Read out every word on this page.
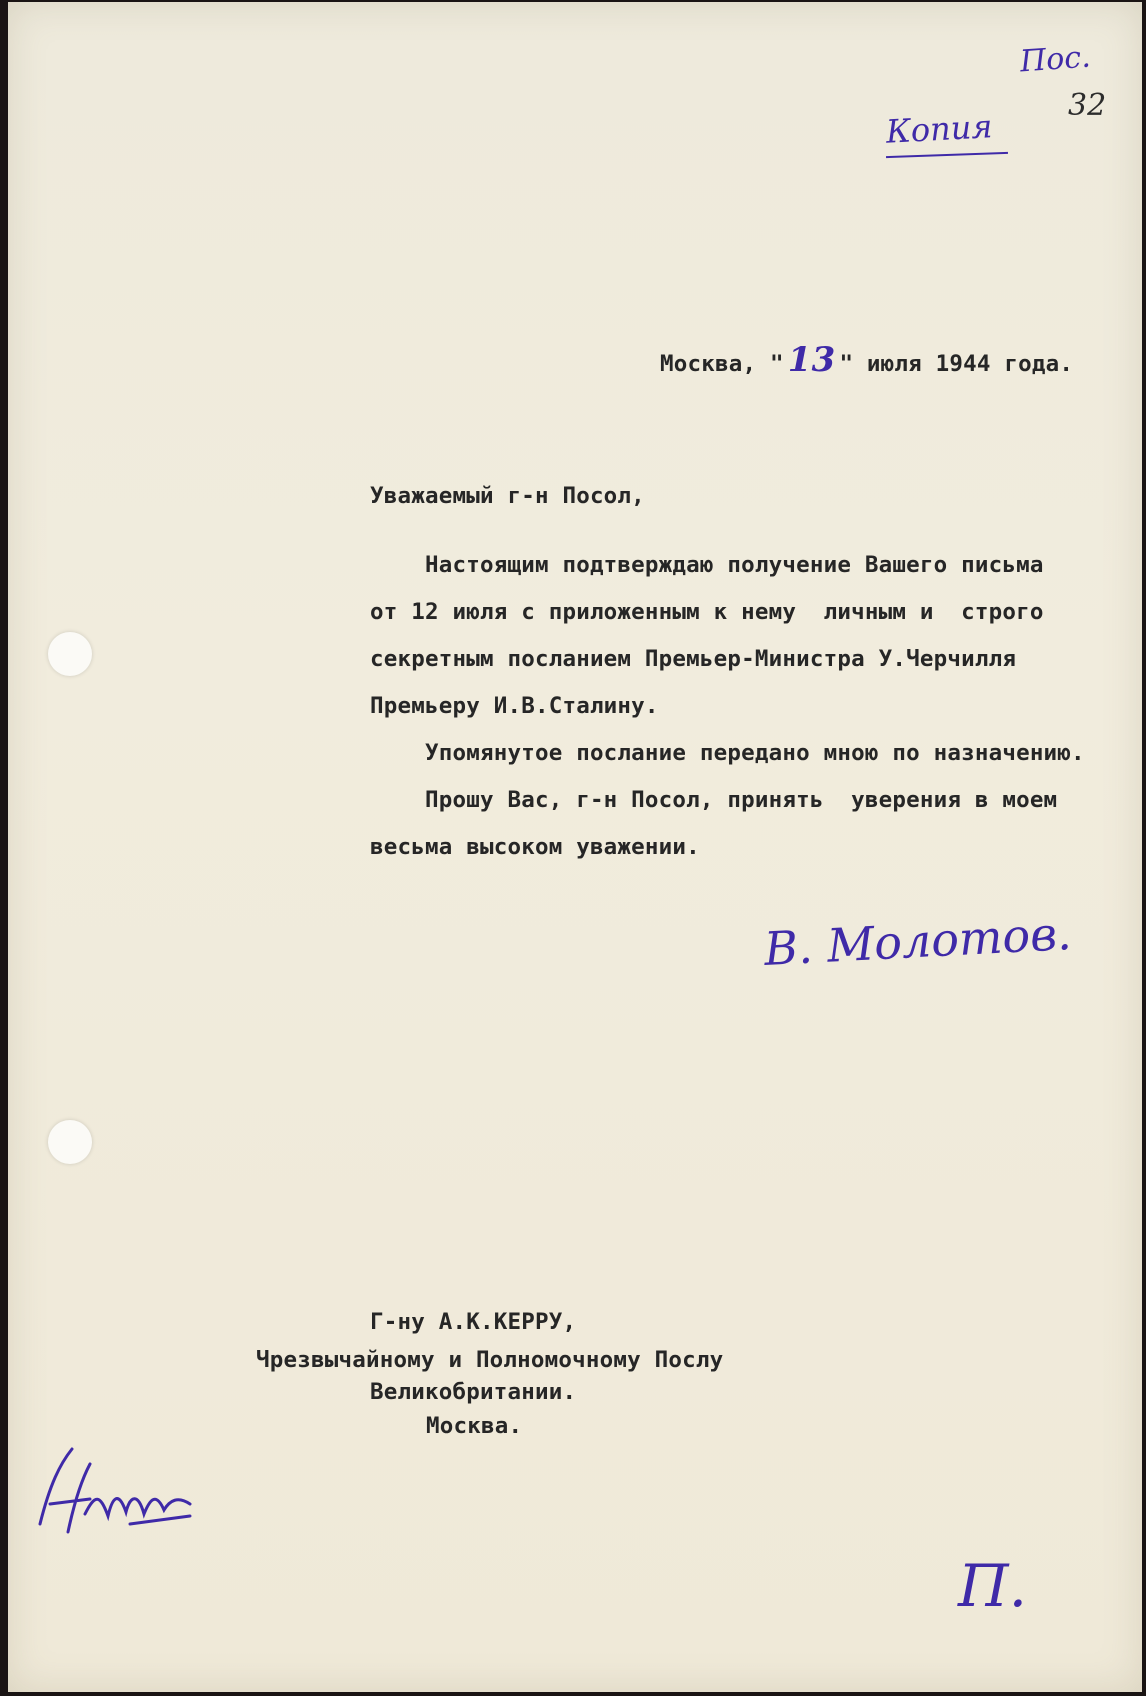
Пос.
32
Копия

Москва, " 13 " июля 1944 года.

Уважаемый г-н Посол,

Настоящим подтверждаю получение Вашего письма
от 12 июля с приложенным к нему  личным и  строго
секретным посланием Премьер-Министра У.Черчилля
Премьеру И.В.Сталину.
Упомянутое послание передано мною по назначению.
Прошу Вас, г-н Посол, принять  уверения в моем
весьма высоком уважении.

В. Молотов.

Г-ну А.К.КЕРРУ,

Чрезвычайному и Полномочному Послу

Великобритании.

Москва.

П.
